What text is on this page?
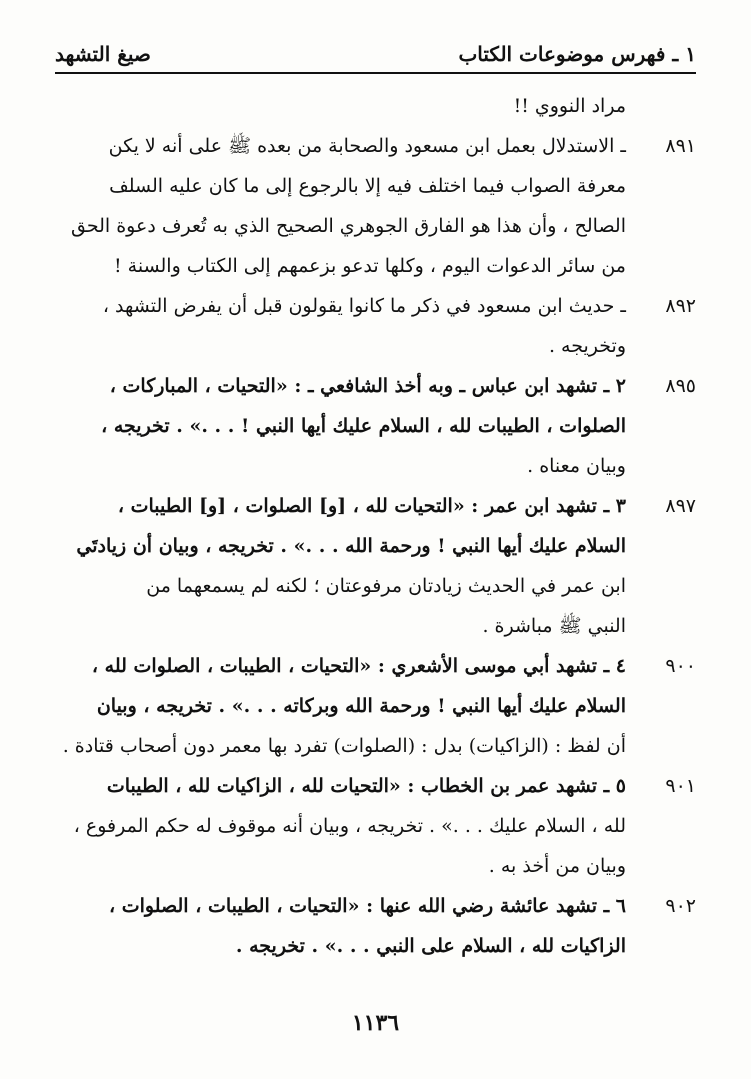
١ ـ فهرس موضوعات الكتاب
صيغ التشهد
مراد النووي !!
٨٩١
ـ الاستدلال بعمل ابن مسعود والصحابة من بعده ﷺ على أنه لا يكن
معرفة الصواب فيما اختلف فيه إلا بالرجوع إلى ما كان عليه السلف
الصالح ، وأن هذا هو الفارق الجوهري الصحيح الذي به تُعرف دعوة الحق
من سائر الدعوات اليوم ، وكلها تدعو بزعمهم إلى الكتاب والسنة !
٨٩٢
ـ حديث ابن مسعود في ذكر ما كانوا يقولون قبل أن يفرض التشهد ،
وتخريجه .
٨٩٥
٢ ـ تشهد ابن عباس ـ وبه أخذ الشافعي ـ : «التحيات ، المباركات ،
الصلوات ، الطيبات لله ، السلام عليك أيها النبي ! . . .» . تخريجه ،
وبيان معناه .
٨٩٧
٣ ـ تشهد ابن عمر : «التحيات لله ، [و] الصلوات ، [و] الطيبات ،
السلام عليك أيها النبي ! ورحمة الله . . .» . تخريجه ، وبيان أن زيادتَي
ابن عمر في الحديث زيادتان مرفوعتان ؛ لكنه لم يسمعهما من
النبي ﷺ مباشرة .
٩٠٠
٤ ـ تشهد أبي موسى الأشعري : «التحيات ، الطيبات ، الصلوات لله ،
السلام عليك أيها النبي ! ورحمة الله وبركاته . . .» . تخريجه ، وبيان
أن لفظ : (الزاكيات) بدل : (الصلوات) تفرد بها معمر دون أصحاب قتادة .
٩٠١
٥ ـ تشهد عمر بن الخطاب : «التحيات لله ، الزاكيات لله ، الطيبات
لله ، السلام عليك . . .» . تخريجه ، وبيان أنه موقوف له حكم المرفوع ،
وبيان من أخذ به .
٩٠٢
٦ ـ تشهد عائشة رضي الله عنها : «التحيات ، الطيبات ، الصلوات ،
الزاكيات لله ، السلام على النبي . . .» . تخريجه .
١١٣٦
